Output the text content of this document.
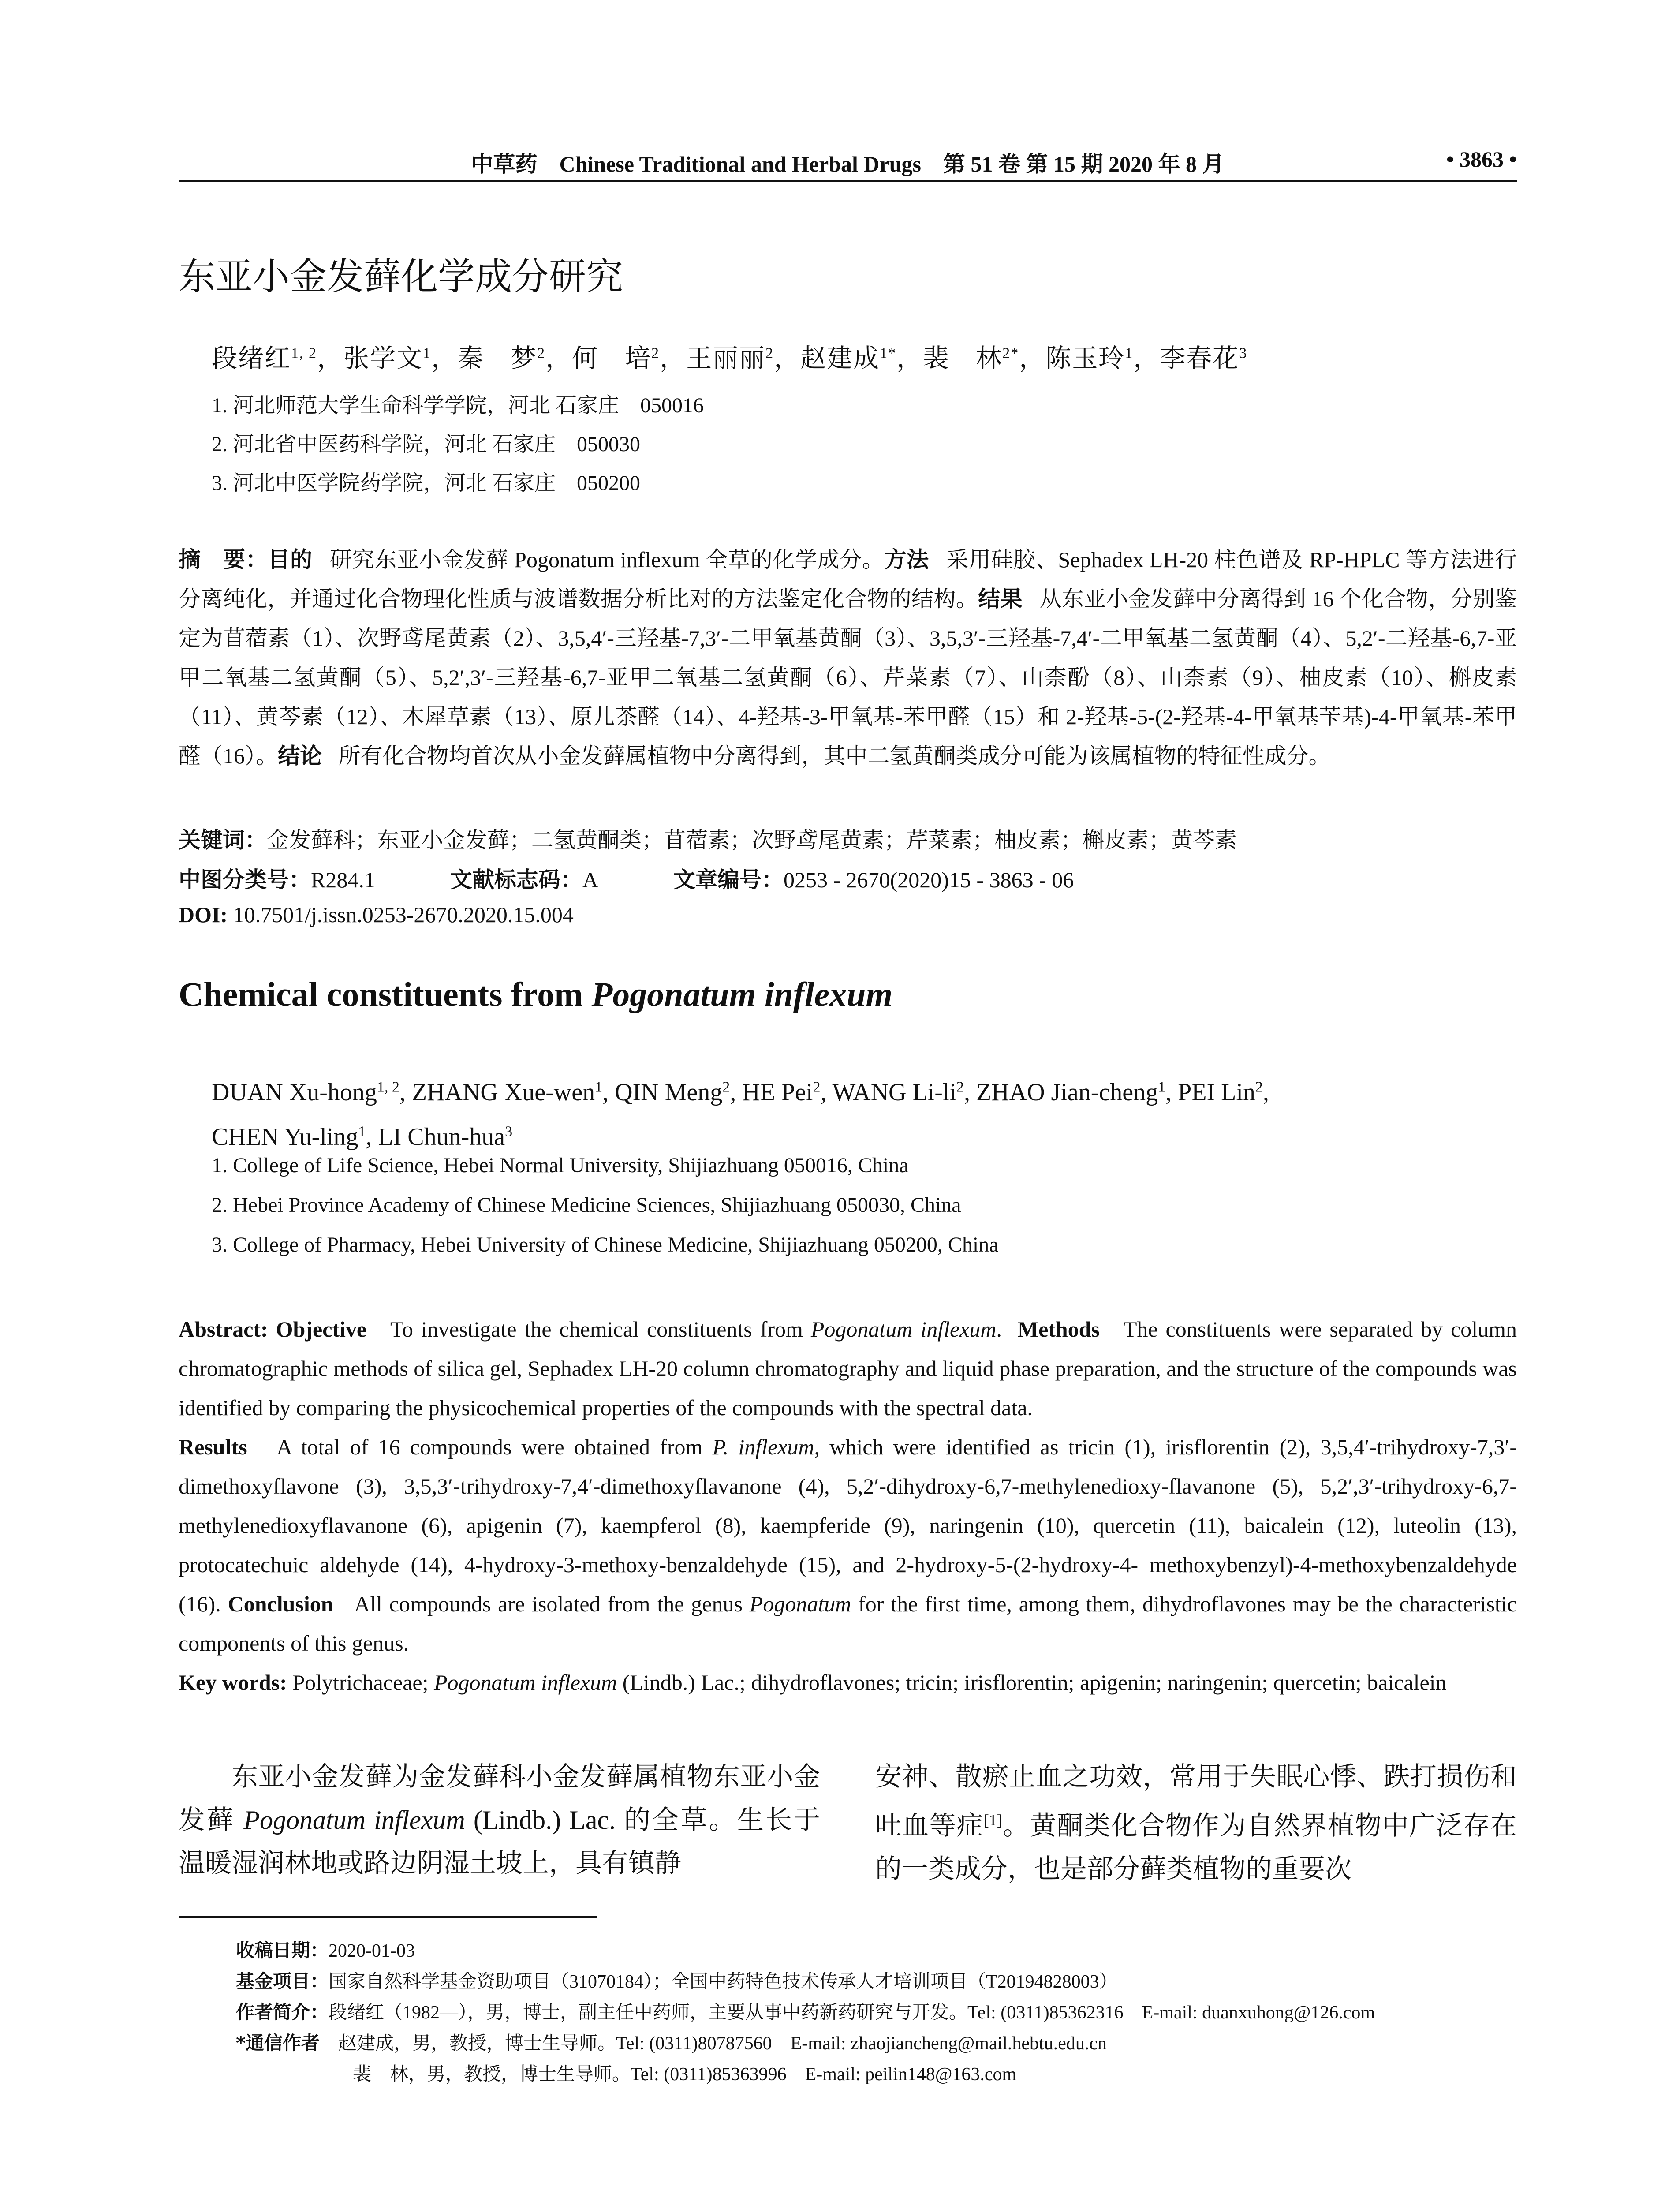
中草药 Chinese Traditional and Herbal Drugs 第 51 卷 第 15 期 2020 年 8 月	• 3863 •
东亚小金发藓化学成分研究
段绪红$^{1, 2}$，张学文$^1$，秦　梦$^2$，何　培$^2$，王丽丽$^2$，赵建成$^{1*}$，裴　林$^{2*}$，陈玉玲$^1$，李春花$^3$
1. 河北师范大学生命科学学院，河北 石家庄　050016
2. 河北省中医药科学院，河北 石家庄　050030
3. 河北中医学院药学院，河北 石家庄　050200
摘　要：目的 研究东亚小金发藓 Pogonatum inflexum 全草的化学成分。方法 采用硅胶、Sephadex LH-20 柱色谱及 RP-HPLC 等方法进行分离纯化，并通过化合物理化性质与波谱数据分析比对的方法鉴定化合物的结构。结果 从东亚小金发藓中分离得到 16 个化合物，分别鉴定为苜蓿素（1）、次野鸢尾黄素（2）、3,5,4′-三羟基-7,3′-二甲氧基黄酮（3）、3,5,3′-三羟基-7,4′-二甲氧基二氢黄酮（4）、5,2′-二羟基-6,7-亚甲二氧基二氢黄酮（5）、5,2′,3′-三羟基-6,7-亚甲二氧基二氢黄酮（6）、芹菜素（7）、山柰酚（8）、山柰素（9）、柚皮素（10）、槲皮素（11）、黄芩素（12）、木犀草素（13）、原儿茶醛（14）、4-羟基-3-甲氧基-苯甲醛（15）和 2-羟基-5-(2-羟基-4-甲氧基苄基)-4-甲氧基-苯甲醛（16）。结论 所有化合物均首次从小金发藓属植物中分离得到，其中二氢黄酮类成分可能为该属植物的特征性成分。
关键词：金发藓科；东亚小金发藓；二氢黄酮类；苜蓿素；次野鸢尾黄素；芹菜素；柚皮素；槲皮素；黄芩素
中图分类号：R284.1	文献标志码：A	文章编号：0253 - 2670(2020)15 - 3863 - 06
DOI: 10.7501/j.issn.0253-2670.2020.15.004
Chemical constituents from Pogonatum inflexum
DUAN Xu-hong$^{1, 2}$, ZHANG Xue-wen$^1$, QIN Meng$^2$, HE Pei$^2$, WANG $Li-li^2$, ZHAO Jian-cheng$^1$, PEI Lin$^2$,
CHEN Yu-ling$^1$, LI Chun-hua$^3$
1. College of Life Science, Hebei Normal University, Shijiazhuang 050016, China
2. Hebei Province Academy of Chinese Medicine Sciences, Shijiazhuang 050030, China
3. College of Pharmacy, Hebei University of Chinese Medicine, Shijiazhuang 050200, China
Abstract: Objective To investigate the chemical constituents from Pogonatum inflexum. Methods The constituents were separated by column chromatographic methods of silica gel, Sephadex LH-20 column chromatography and liquid phase preparation, and the structure of the compounds was identified by comparing the physicochemical properties of the compounds with the spectral data.
Results A total of 16 compounds were obtained from P. inflexum, which were identified as tricin (1), irisflorentin (2), 3,5,4′-trihydroxy-7,3′-dimethoxyflavone (3), 3,5,3′-trihydroxy-7,4′-dimethoxyflavanone (4), 5,2′-dihydroxy-6,7-methylenedioxy-flavanone (5), 5,2′,3′-trihydroxy-6,7-methylenedioxyflavanone (6), apigenin (7), kaempferol (8), kaempferide (9), naringenin (10), quercetin (11), baicalein (12), luteolin (13), protocatechuic aldehyde (14), 4-hydroxy-3-methoxy-benzaldehyde (15), and 2-hydroxy-5-(2-hydroxy-4- methoxybenzyl)-4-methoxybenzaldehyde (16). Conclusion All compounds are isolated from the genus Pogonatum for the first time, among them, dihydroflavones may be the characteristic components of this genus.
Key words: Polytrichaceae; Pogonatum inflexum (Lindb.) Lac.; dihydroflavones; tricin; irisflorentin; apigenin; naringenin; quercetin; baicalein
东亚小金发藓为金发藓科小金发藓属植物东亚小金发藓 Pogonatum inflexum (Lindb.) Lac. 的全草。生长于温暖湿润林地或路边阴湿土坡上，具有镇静
安神、散瘀止血之功效，常用于失眠心悸、跌打损伤和吐血等症[1]。黄酮类化合物作为自然界植物中广泛存在的一类成分，也是部分藓类植物的重要次
收稿日期：2020-01-03
基金项目：国家自然科学基金资助项目（31070184）；全国中药特色技术传承人才培训项目（T20194828003）
作者简介：段绪红（1982—），男，博士，副主任中药师，主要从事中药新药研究与开发。Tel: (0311)85362316　E-mail: duanxuhong@126.com
*通信作者　赵建成，男，教授，博士生导师。Tel: (0311)80787560　E-mail: zhaojiancheng@mail.hebtu.edu.cn
裴　林，男，教授，博士生导师。Tel: (0311)85363996　E-mail: peilin148@163.com
